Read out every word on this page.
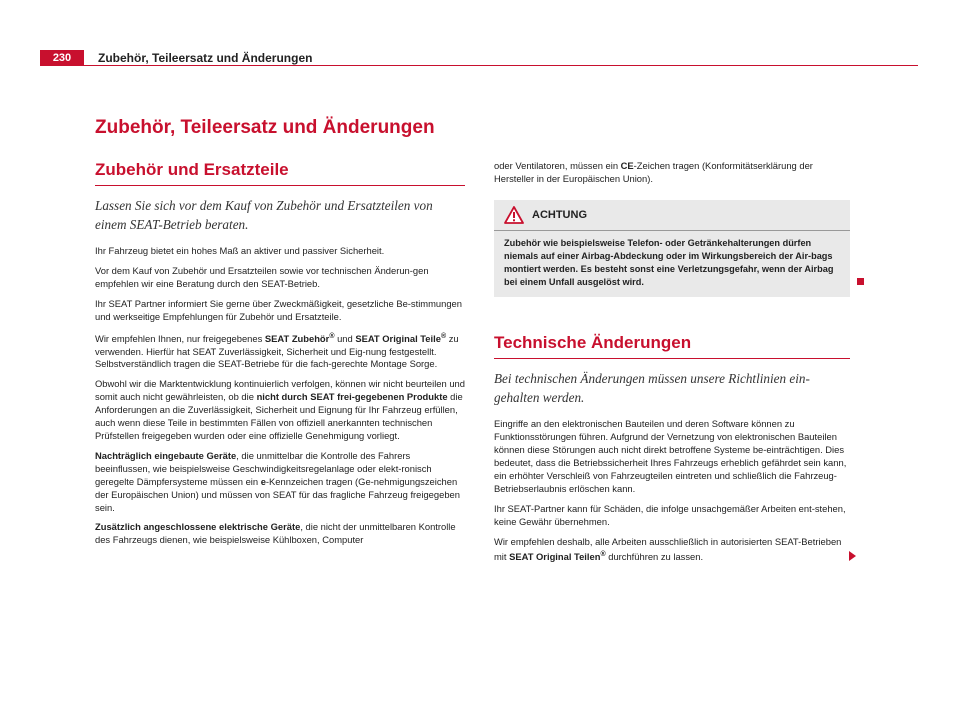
230	Zubehör, Teileersatz und Änderungen
Zubehör, Teileersatz und Änderungen
Zubehör und Ersatzteile

Lassen Sie sich vor dem Kauf von Zubehör und Ersatzteilen von einem SEAT-Betrieb beraten.

Ihr Fahrzeug bietet ein hohes Maß an aktiver und passiver Sicherheit.

Vor dem Kauf von Zubehör und Ersatzteilen sowie vor technischen Änderun-gen empfehlen wir eine Beratung durch den SEAT-Betrieb.

Ihr SEAT Partner informiert Sie gerne über Zweckmäßigkeit, gesetzliche Be-stimmungen und werkseitige Empfehlungen für Zubehör und Ersatzteile.

Wir empfehlen Ihnen, nur freigegebenes SEAT Zubehör® und SEAT Original Teile® zu verwenden. Hierfür hat SEAT Zuverlässigkeit, Sicherheit und Eig-nung festgestellt. Selbstverständlich tragen die SEAT-Betriebe für die fach-gerechte Montage Sorge.

Obwohl wir die Marktentwicklung kontinuierlich verfolgen, können wir nicht beurteilen und somit auch nicht gewährleisten, ob die nicht durch SEAT frei-gegebenen Produkte die Anforderungen an die Zuverlässigkeit, Sicherheit und Eignung für Ihr Fahrzeug erfüllen, auch wenn diese Teile in bestimmten Fällen von offiziell anerkannten technischen Prüfstellen freigegeben wurden oder eine offizielle Genehmigung vorliegt.

Nachträglich eingebaute Geräte, die unmittelbar die Kontrolle des Fahrers beeinflussen, wie beispielsweise Geschwindigkeitsregelanlage oder elekt-ronisch geregelte Dämpfersysteme müssen ein e-Kennzeichen tragen (Ge-nehmigungszeichen der Europäischen Union) und müssen von SEAT für das fragliche Fahrzeug freigegeben sein.

Zusätzlich angeschlossene elektrische Geräte, die nicht der unmittelbaren Kontrolle des Fahrzeugs dienen, wie beispielsweise Kühlboxen, Computer

oder Ventilatoren, müssen ein CE-Zeichen tragen (Konformitätserklärung der Hersteller in der Europäischen Union).

ACHTUNG
Zubehör wie beispielsweise Telefon- oder Getränkehalterungen dürfen niemals auf einer Airbag-Abdeckung oder im Wirkungsbereich der Air-bags montiert werden. Es besteht sonst eine Verletzungsgefahr, wenn der Airbag bei einem Unfall ausgelöst wird.
Technische Änderungen

Bei technischen Änderungen müssen unsere Richtlinien ein-gehalten werden.

Eingriffe an den elektronischen Bauteilen und deren Software können zu Funktionsstörungen führen. Aufgrund der Vernetzung von elektronischen Bauteilen können diese Störungen auch nicht direkt betroffene Systeme be-einträchtigen. Dies bedeutet, dass die Betriebssicherheit Ihres Fahrzeugs erheblich gefährdet sein kann, ein erhöhter Verschleiß von Fahrzeugteilen eintreten und schließlich die Fahrzeug-Betriebserlaubnis erlöschen kann.

Ihr SEAT-Partner kann für Schäden, die infolge unsachgemäßer Arbeiten ent-stehen, keine Gewähr übernehmen.

Wir empfehlen deshalb, alle Arbeiten ausschließlich in autorisierten SEAT-Betrieben mit SEAT Original Teilen® durchführen zu lassen.
